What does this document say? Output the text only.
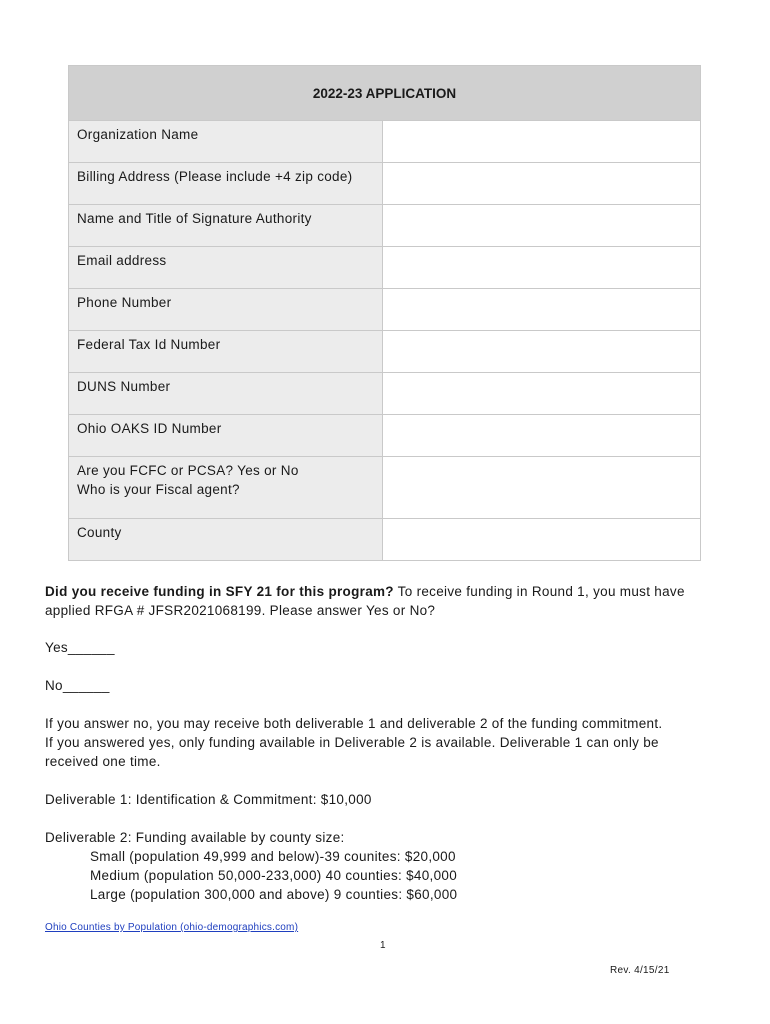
2022-23 APPLICATION	
Organization Name	
Billing Address (Please include +4 zip code)	
Name and Title of Signature Authority	
Email address	
Phone Number	
Federal Tax Id Number	
DUNS Number	
Ohio OAKS ID Number	

Are you FCFC or PCSA? Yes or No
Who is your Fiscal agent?	

County	
Did you receive funding in SFY 21 for this program? To receive funding in Round 1, you must have
applied RFGA # JFSR2021068199. Please answer Yes or No?
Yes______
No______
If you answer no, you may receive both deliverable 1 and deliverable 2 of the funding commitment.
If you answered yes, only funding available in Deliverable 2 is available. Deliverable 1 can only be
received one time.
Deliverable 1: Identification & Commitment: $10,000
Deliverable 2: Funding available by county size:
Small (population 49,999 and below)-39 counites: $20,000
Medium (population 50,000-233,000) 40 counties: $40,000
Large (population 300,000 and above) 9 counties: $60,000
Ohio Counties by Population (ohio-demographics.com)
1
Rev. 4/15/21
